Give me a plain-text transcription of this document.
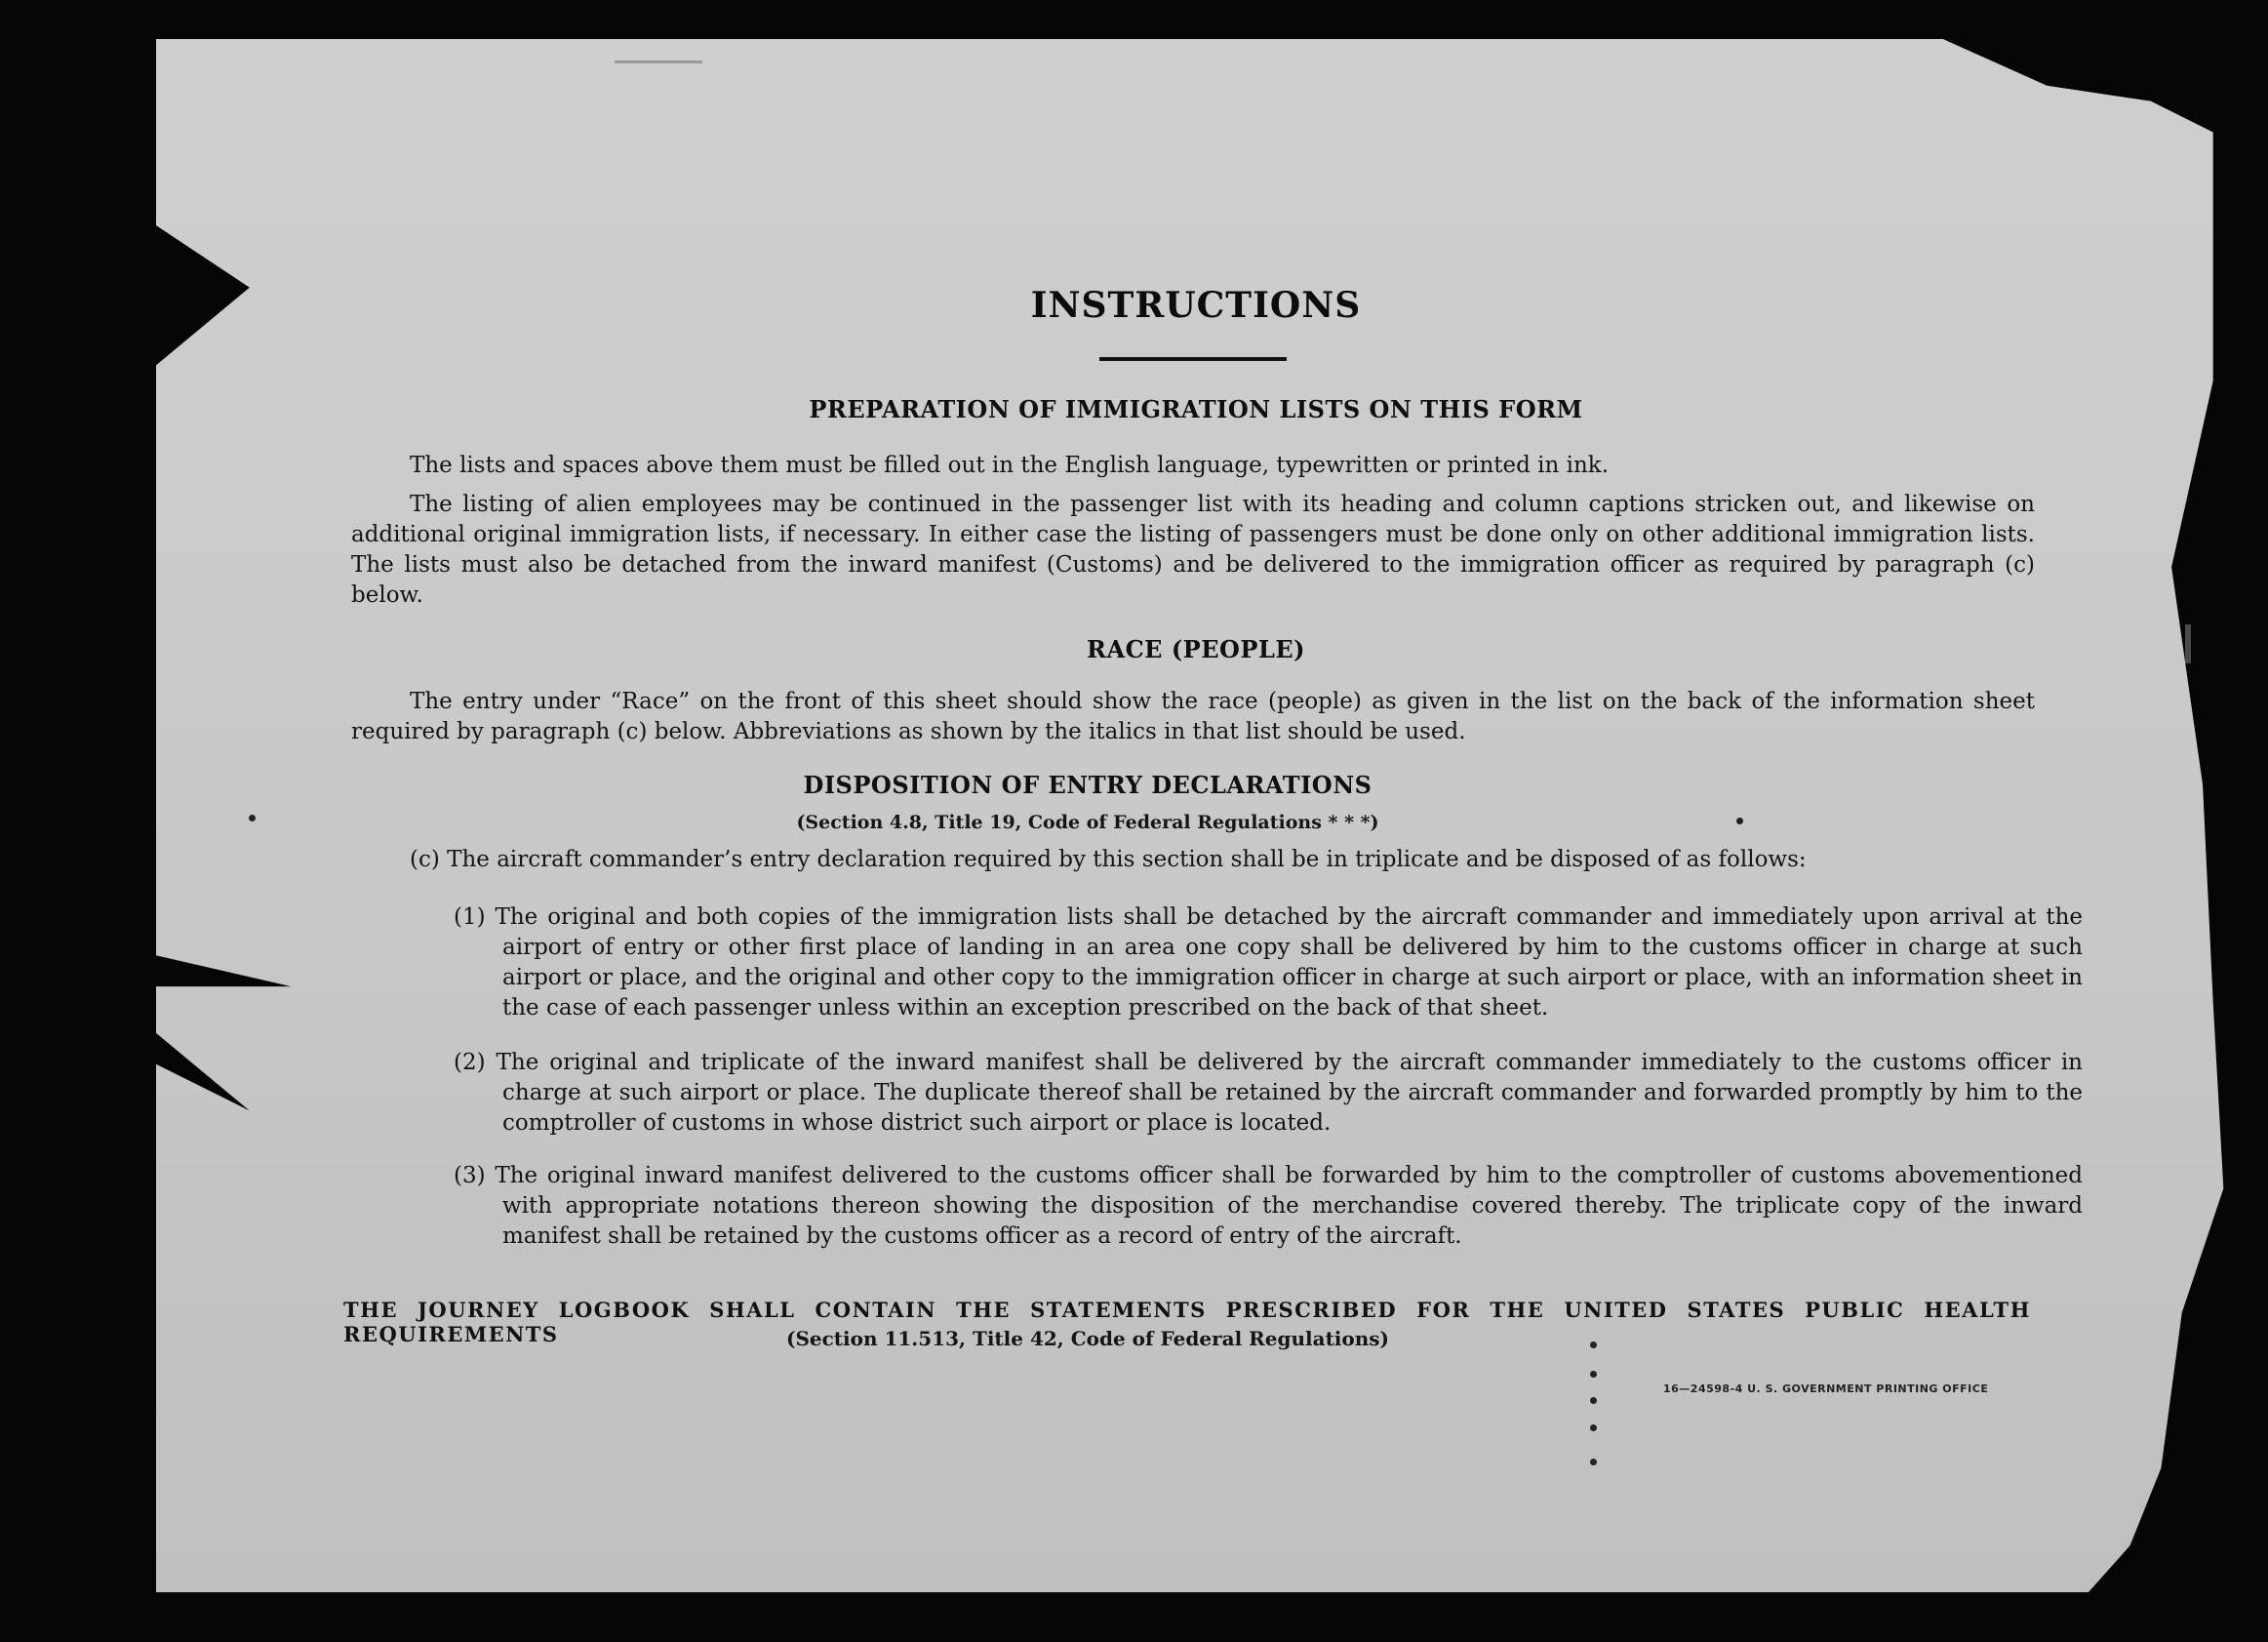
INSTRUCTIONS
PREPARATION OF IMMIGRATION LISTS ON THIS FORM
The lists and spaces above them must be filled out in the English language, typewritten or printed in ink.
The listing of alien employees may be continued in the passenger list with its heading and column captions stricken out, and likewise on additional original immigration lists, if necessary. In either case the listing of passengers must be done only on other additional immigration lists. The lists must also be detached from the inward manifest (Customs) and be delivered to the immigration officer as required by paragraph (c) below.
RACE (PEOPLE)
The entry under “Race” on the front of this sheet should show the race (people) as given in the list on the back of the information sheet required by paragraph (c) below. Abbreviations as shown by the italics in that list should be used.
DISPOSITION OF ENTRY DECLARATIONS
(Section 4.8, Title 19, Code of Federal Regulations * * *)
(c) The aircraft commander’s entry declaration required by this section shall be in triplicate and be disposed of as follows:
(1) The original and both copies of the immigration lists shall be detached by the aircraft commander and immediately upon arrival at the airport of entry or other first place of landing in an area one copy shall be delivered by him to the customs officer in charge at such airport or place, and the original and other copy to the immigration officer in charge at such airport or place, with an information sheet in the case of each passenger unless within an exception prescribed on the back of that sheet.
(2) The original and triplicate of the inward manifest shall be delivered by the aircraft commander immediately to the customs officer in charge at such airport or place. The duplicate thereof shall be retained by the aircraft commander and forwarded promptly by him to the comptroller of customs in whose district such airport or place is located.
(3) The original inward manifest delivered to the customs officer shall be forwarded by him to the comptroller of customs abovementioned with appropriate notations thereon showing the disposition of the merchandise covered thereby. The triplicate copy of the inward manifest shall be retained by the customs officer as a record of entry of the aircraft.
THE JOURNEY LOGBOOK SHALL CONTAIN THE STATEMENTS PRESCRIBED FOR THE UNITED STATES PUBLIC HEALTH REQUIREMENTS	(Section 11.513, Title 42, Code of Federal Regulations)
16—24598-4 U. S. GOVERNMENT PRINTING OFFICE
